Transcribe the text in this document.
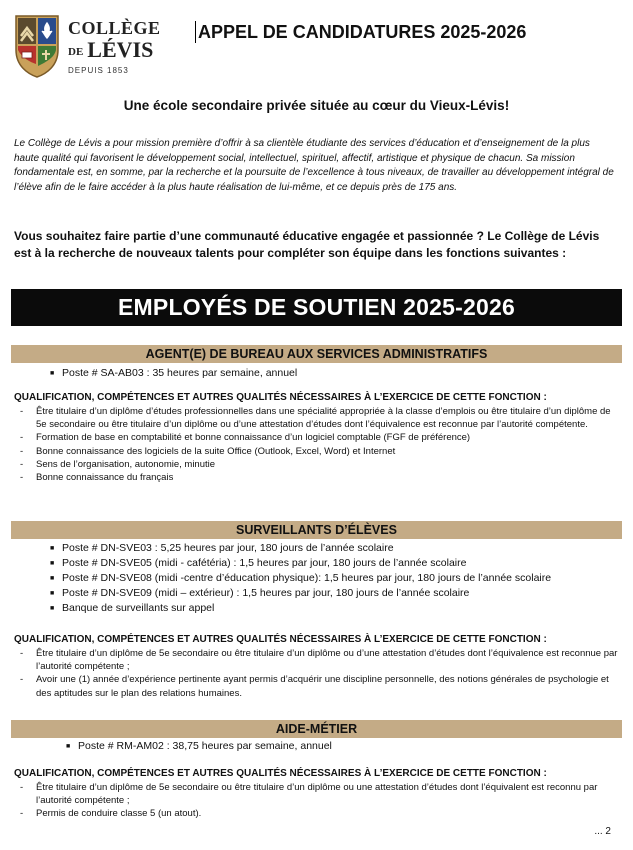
COLLÈGE
DE LÉVIS
DEPUIS 1853
APPEL DE CANDIDATURES 2025-2026
Une école secondaire privée située au cœur du Vieux-Lévis!
Le Collège de Lévis a pour mission première d’offrir à sa clientèle étudiante des services d’éducation et d’enseignement de la plus haute qualité qui favorisent le développement social, intellectuel, spirituel, affectif, artistique et physique de chacun. Sa mission fondamentale est, en somme, par la recherche et la poursuite de l’excellence à tous niveaux, de travailler au développement intégral de l’élève afin de le faire accéder à la plus haute réalisation de lui-même, et ce depuis près de 175 ans.
Vous souhaitez faire partie d’une communauté éducative engagée et passionnée ? Le Collège de Lévis est à la recherche de nouveaux talents pour compléter son équipe dans les fonctions suivantes :
EMPLOYÉS DE SOUTIEN 2025-2026
AGENT(E) DE BUREAU AUX SERVICES ADMINISTRATIFS
■ Poste # SA-AB03 : 35 heures par semaine, annuel
QUALIFICATION, COMPÉTENCES ET AUTRES QUALITÉS NÉCESSAIRES À L’EXERCICE DE CETTE FONCTION :
- Être titulaire d’un diplôme d’études professionnelles dans une spécialité appropriée à la classe d’emplois ou être titulaire d’un diplôme de 5e secondaire ou être titulaire d’un diplôme ou d’une attestation d’études dont l’équivalence est reconnue par l’autorité compétente.
- Formation de base en comptabilité et bonne connaissance d’un logiciel comptable (FGF de préférence)
- Bonne connaissance des logiciels de la suite Office (Outlook, Excel, Word) et Internet
- Sens de l’organisation, autonomie, minutie
- Bonne connaissance du français
SURVEILLANTS D’ÉLÈVES
■ Poste # DN-SVE03 : 5,25 heures par jour, 180 jours de l’année scolaire
■ Poste # DN-SVE05 (midi - cafétéria) : 1,5 heures par jour, 180 jours de l’année scolaire
■ Poste # DN-SVE08 (midi -centre d’éducation physique): 1,5 heures par jour, 180 jours de l’année scolaire
■ Poste # DN-SVE09 (midi – extérieur) : 1,5 heures par jour, 180 jours de l’année scolaire
■ Banque de surveillants sur appel
QUALIFICATION, COMPÉTENCES ET AUTRES QUALITÉS NÉCESSAIRES À L’EXERCICE DE CETTE FONCTION :
- Être titulaire d’un diplôme de 5e secondaire ou être titulaire d’un diplôme ou d’une attestation d’études dont l’équivalence est reconnue par l’autorité compétente ;
- Avoir une (1) année d’expérience pertinente ayant permis d’acquérir une discipline personnelle, des notions générales de psychologie et des aptitudes sur le plan des relations humaines.
AIDE-MÉTIER
■ Poste # RM-AM02 : 38,75 heures par semaine, annuel
QUALIFICATION, COMPÉTENCES ET AUTRES QUALITÉS NÉCESSAIRES À L’EXERCICE DE CETTE FONCTION :
- Être titulaire d’un diplôme de 5e secondaire ou être titulaire d’un diplôme ou une attestation d’études dont l’équivalent est reconnu par l’autorité compétente ;
- Permis de conduire classe 5 (un atout).
... 2
